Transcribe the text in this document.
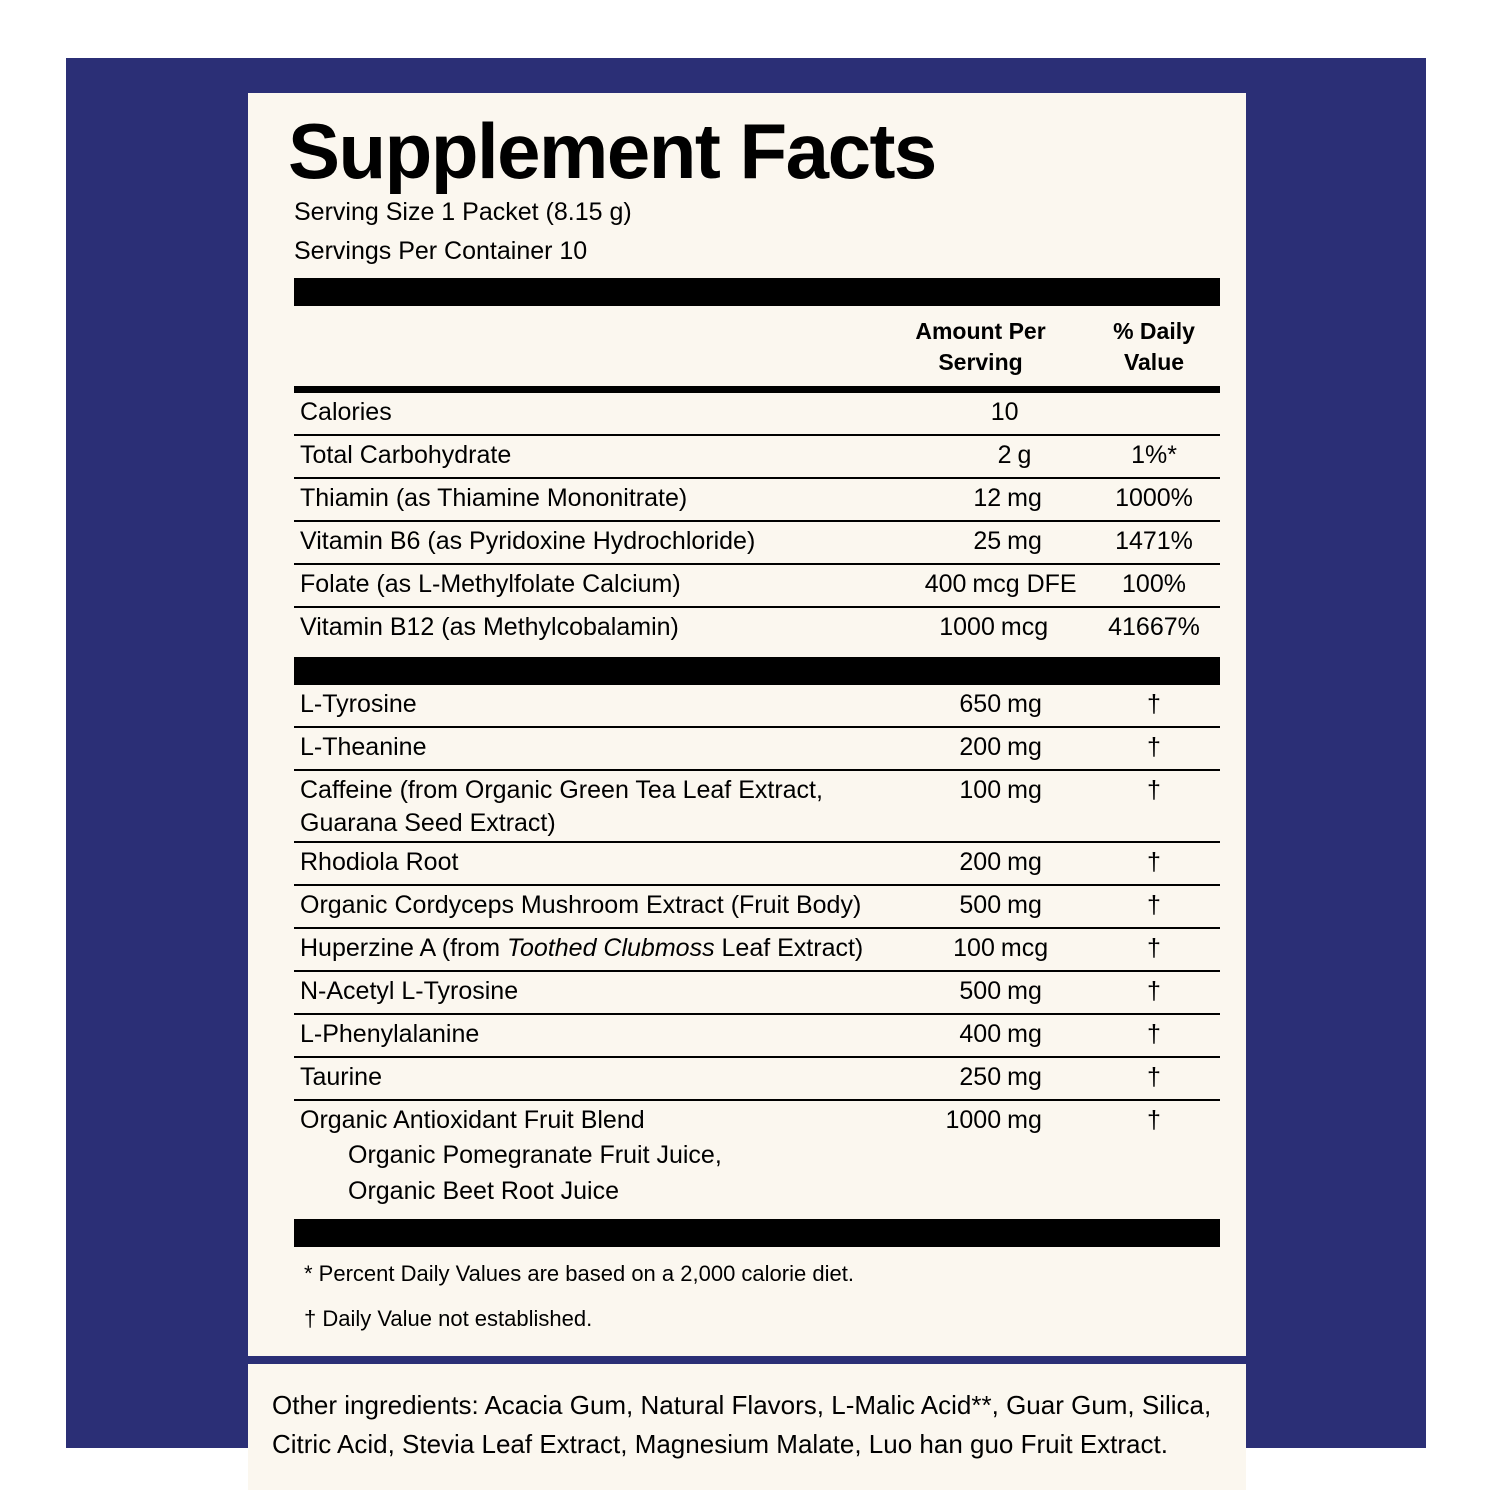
Supplement Facts
Serving Size 1 Packet (8.15 g)
Servings Per Container 10
Amount Per
Serving
% Daily
Value
Calories	10
Total Carbohydrate	2 g	1%*
Thiamin (as Thiamine Mononitrate)	12 mg	1000%
Vitamin B6 (as Pyridoxine Hydrochloride)	25 mg	1471%
Folate (as L-Methylfolate Calcium)	400 mcg DFE	100%
Vitamin B12 (as Methylcobalamin)	1000 mcg	41667%
L-Tyrosine	650 mg	†
L-Theanine	200 mg	†
Caffeine (from Organic Green Tea Leaf Extract,
Guarana Seed Extract)
100 mg	†
Rhodiola Root	200 mg	†
Organic Cordyceps Mushroom Extract (Fruit Body)	500 mg	†
Huperzine A (from Toothed Clubmoss Leaf Extract)	100 mcg	†
N-Acetyl L-Tyrosine	500 mg	†
L-Phenylalanine	400 mg	†
Taurine	250 mg	†
Organic Antioxidant Fruit Blend
Organic Pomegranate Fruit Juice,
Organic Beet Root Juice
1000 mg	†
* Percent Daily Values are based on a 2,000 calorie diet.
† Daily Value not established.
Other ingredients: Acacia Gum, Natural Flavors, L-Malic Acid**, Guar Gum, Silica, Citric Acid, Stevia Leaf Extract, Magnesium Malate, Luo han guo Fruit Extract.
